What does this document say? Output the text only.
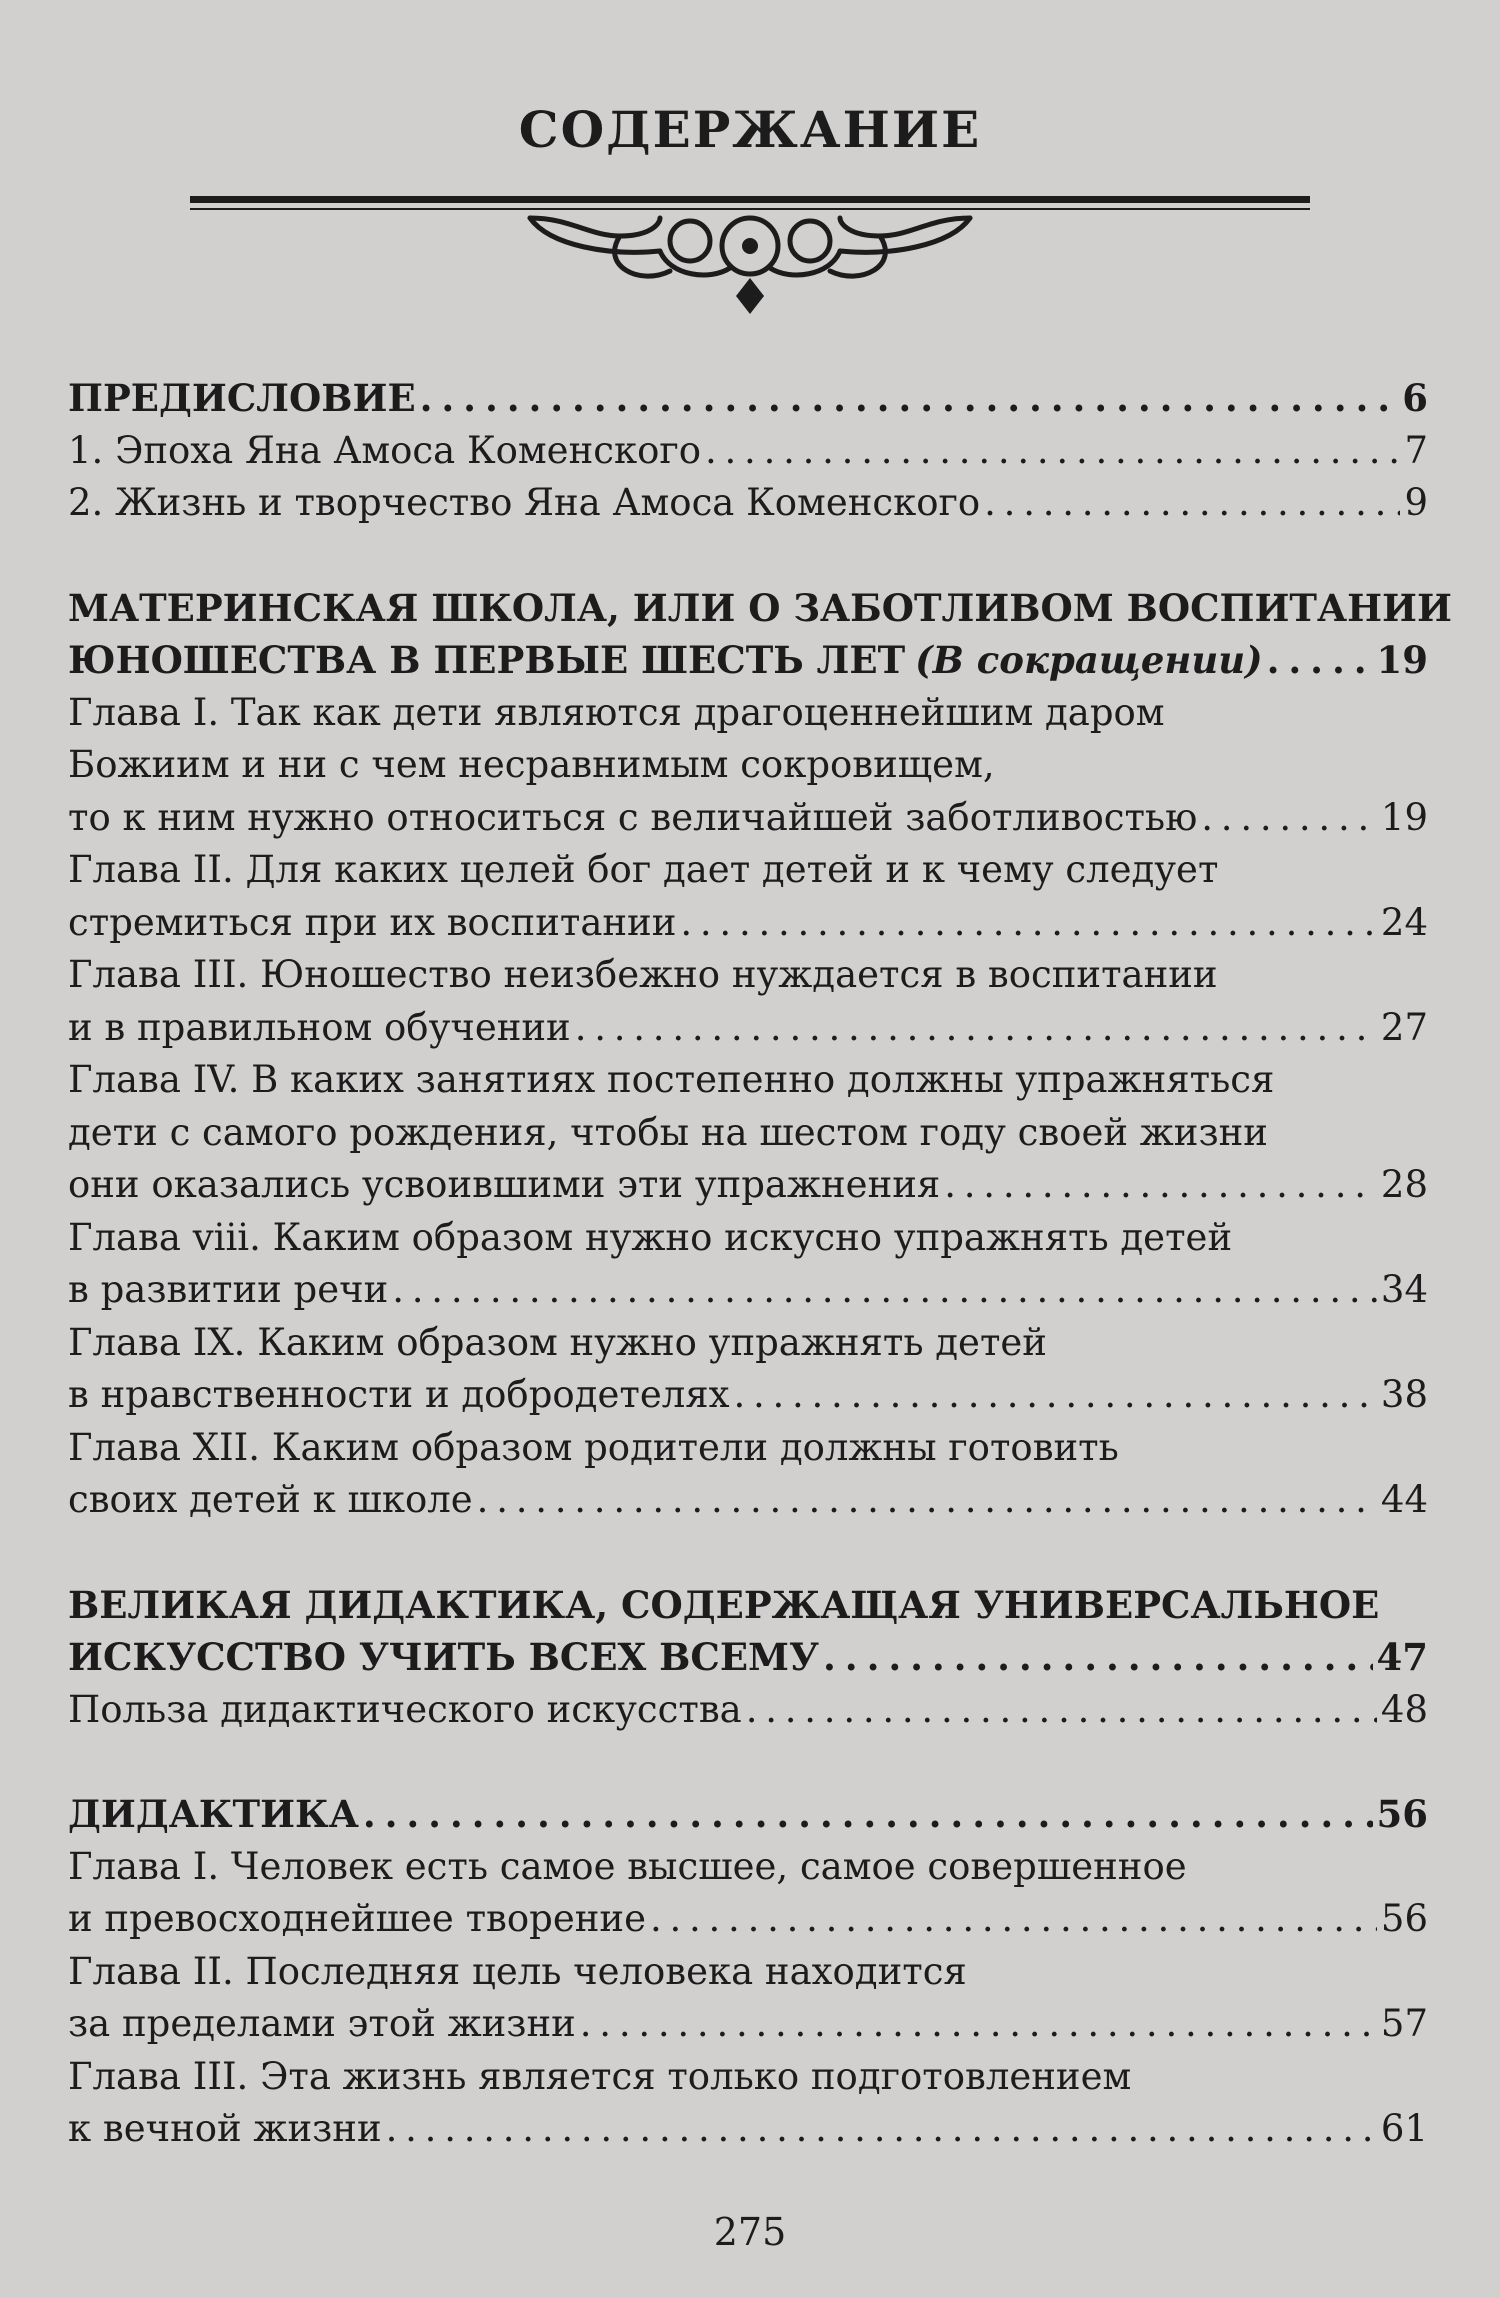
СОДЕРЖАНИЕ
ПРЕДИСЛОВИЕ . . .	6
1. Эпоха Яна Амоса Коменского . . .	7
2. Жизнь и творчество Яна Амоса Коменского . . .	9
МАТЕРИНСКАЯ ШКОЛА, ИЛИ О ЗАБОТЛИВОМ ВОСПИТАНИИ
ЮНОШЕСТВА В ПЕРВЫЕ ШЕСТЬ ЛЕТ (В сокращении) . . .	19
Глава I. Так как дети являются драгоценнейшим даром
Божиим и ни с чем несравнимым сокровищем,
то к ним нужно относиться с величайшей заботливостью . . .	19
Глава II. Для каких целей бог дает детей и к чему следует
стремиться при их воспитании . . .	24
Глава III. Юношество неизбежно нуждается в воспитании
и в правильном обучении . . .	27
Глава IV. В каких занятиях постепенно должны упражняться
дети с самого рождения, чтобы на шестом году своей жизни
они оказались усвоившими эти упражнения . . .	28
Глава viii. Каким образом нужно искусно упражнять детей
в развитии речи . . .	34
Глава IX. Каким образом нужно упражнять детей
в нравственности и добродетелях . . .	38
Глава XII. Каким образом родители должны готовить
своих детей к школе . . .	44
ВЕЛИКАЯ ДИДАКТИКА, СОДЕРЖАЩАЯ УНИВЕРСАЛЬНОЕ
ИСКУССТВО УЧИТЬ ВСЕХ ВСЕМУ . . .	47
Польза дидактического искусства . . .	48
ДИДАКТИКА . . .	56
Глава I. Человек есть самое высшее, самое совершенное
и превосходнейшее творение . . .	56
Глава II. Последняя цель человека находится
за пределами этой жизни . . .	57
Глава III. Эта жизнь является только подготовлением
к вечной жизни . . .	61
275
